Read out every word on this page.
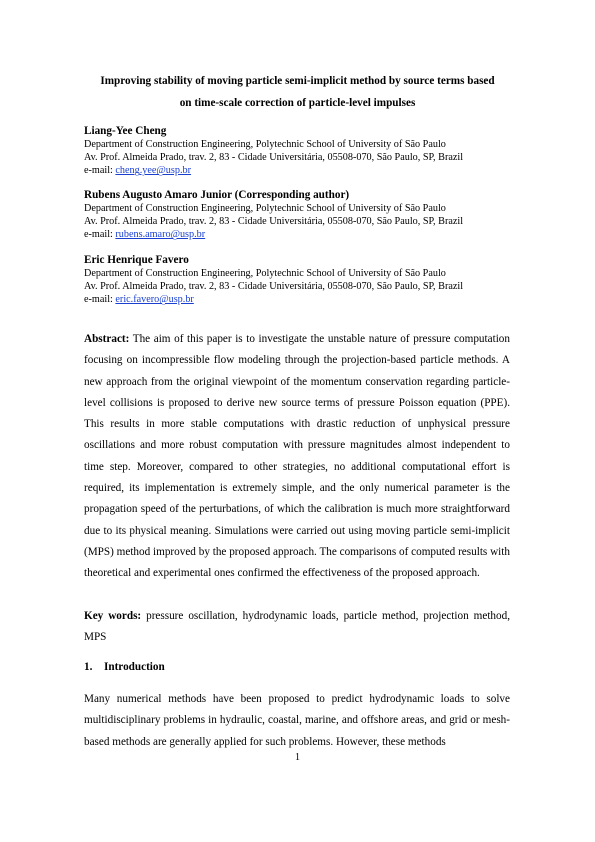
Improving stability of moving particle semi-implicit method by source terms based
on time-scale correction of particle-level impulses
Liang-Yee Cheng
Department of Construction Engineering, Polytechnic School of University of São Paulo
Av. Prof. Almeida Prado, trav. 2, 83 - Cidade Universitária, 05508-070, São Paulo, SP, Brazil
e-mail: cheng.yee@usp.br
Rubens Augusto Amaro Junior (Corresponding author)
Department of Construction Engineering, Polytechnic School of University of São Paulo
Av. Prof. Almeida Prado, trav. 2, 83 - Cidade Universitária, 05508-070, São Paulo, SP, Brazil
e-mail: rubens.amaro@usp.br
Eric Henrique Favero
Department of Construction Engineering, Polytechnic School of University of São Paulo
Av. Prof. Almeida Prado, trav. 2, 83 - Cidade Universitária, 05508-070, São Paulo, SP, Brazil
e-mail: eric.favero@usp.br
Abstract: The aim of this paper is to investigate the unstable nature of pressure computation focusing on incompressible flow modeling through the projection-based particle methods. A new approach from the original viewpoint of the momentum conservation regarding particle-level collisions is proposed to derive new source terms of pressure Poisson equation (PPE). This results in more stable computations with drastic reduction of unphysical pressure oscillations and more robust computation with pressure magnitudes almost independent to time step. Moreover, compared to other strategies, no additional computational effort is required, its implementation is extremely simple, and the only numerical parameter is the propagation speed of the perturbations, of which the calibration is much more straightforward due to its physical meaning. Simulations were carried out using moving particle semi-implicit (MPS) method improved by the proposed approach. The comparisons of computed results with theoretical and experimental ones confirmed the effectiveness of the proposed approach.
Key words: pressure oscillation, hydrodynamic loads, particle method, projection method, MPS
1. Introduction
Many numerical methods have been proposed to predict hydrodynamic loads to solve multidisciplinary problems in hydraulic, coastal, marine, and offshore areas, and grid or mesh-based methods are generally applied for such problems. However, these methods
1
